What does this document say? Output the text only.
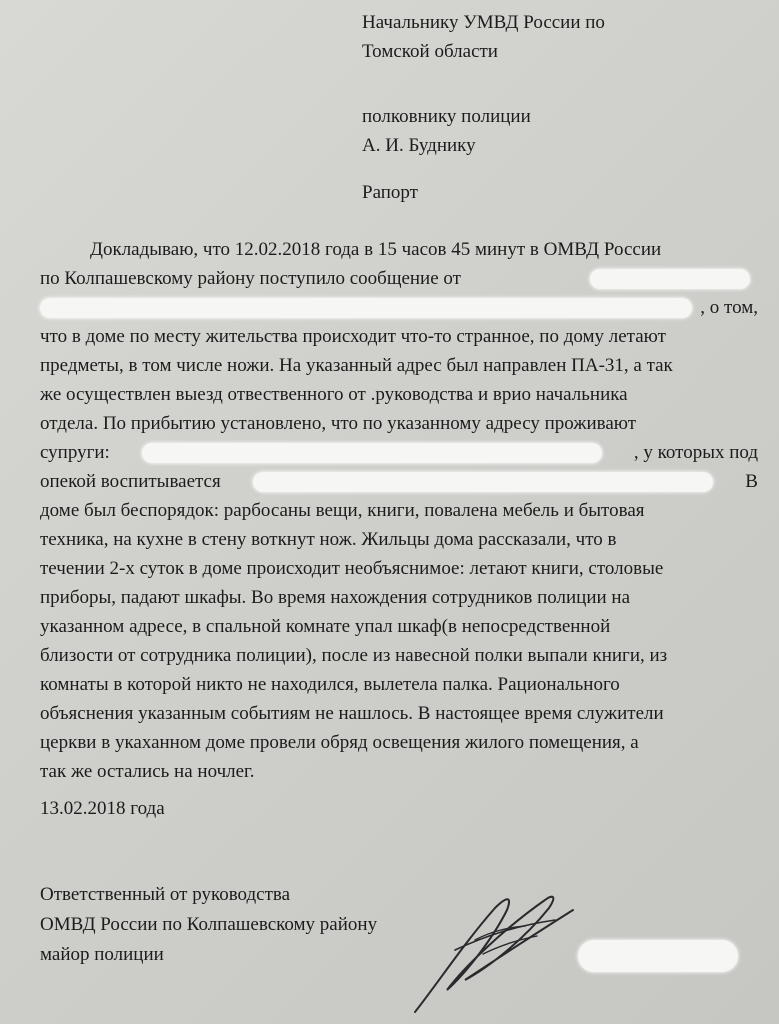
Начальнику УМВД России по
Томской области
полковнику полиции
А. И. Буднику
Рапорт
Докладываю, что 12.02.2018 года в 15 часов 45 минут в ОМВД России
по Колпашевскому району поступило сообщение от
, о том,
что в доме по месту жительства происходит что-то странное, по дому летают
предметы, в том числе ножи. На указанный адрес был направлен ПА-31, а так
же осуществлен выезд отвественного от .руководства и врио начальника
отдела. По прибытию установлено, что по указанному адресу проживают
супруги:	, у которых под
опекой воспитывается	В
доме был беспорядок: рарбосаны вещи, книги, повалена мебель и бытовая
техника, на кухне в стену воткнут нож. Жильцы дома рассказали, что в
течении 2-х суток в доме происходит необъяснимое: летают книги, столовые
приборы, падают шкафы. Во время нахождения сотрудников полиции на
указанном адресе, в спальной комнате упал шкаф(в непосредственной
близости от сотрудника полиции), после из навесной полки выпали книги, из
комнаты в которой никто не находился, вылетела палка. Рационального
объяснения указанным событиям не нашлось. В настоящее время служители
церкви в укаханном доме провели обряд освещения жилого помещения, а
так же остались на ночлег.
13.02.2018 года
Ответственный от руководства
ОМВД России по Колпашевскому району
майор полиции
